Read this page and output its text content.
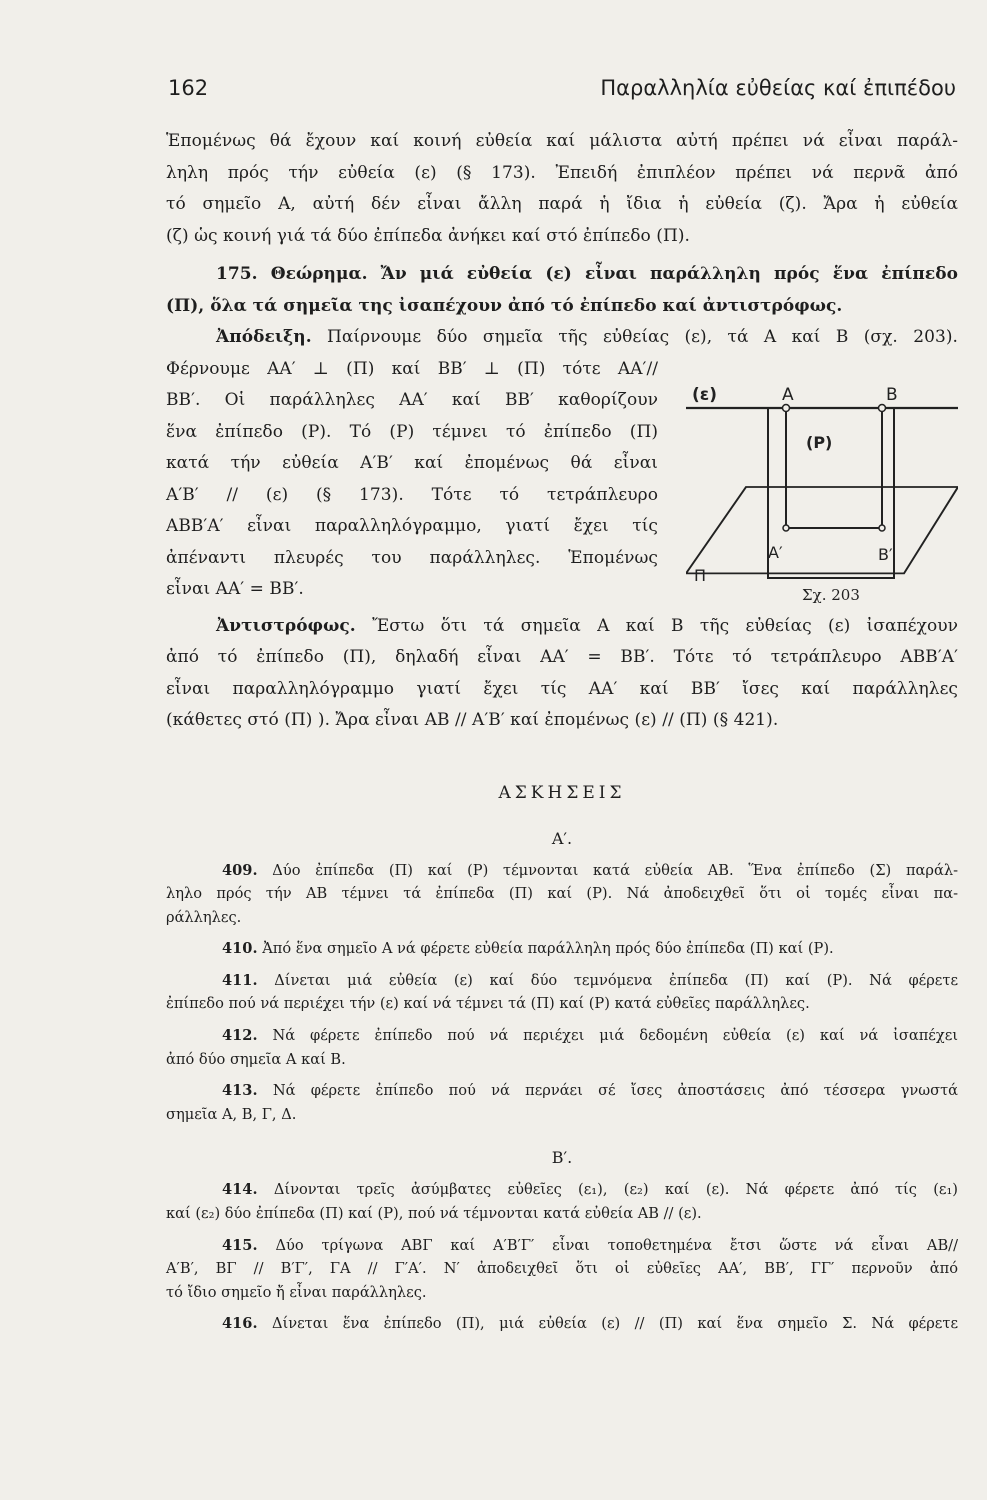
162	Παραλληλία εὐθείας καί ἐπιπέδου

Ἑπομένως θά ἔχουν καί κοινή εὐθεία καί μάλιστα αὐτή πρέπει νά εἶναι παράλ-
ληλη πρός τήν εὐθεία (ε) (§ 173). Ἐπειδή ἐπιπλέον πρέπει νά περνᾶ ἀπό
τό σημεῖο Α, αὐτή δέν εἶναι ἄλλη παρά ἡ ἴδια ἡ εὐθεία (ζ). Ἄρα ἡ εὐθεία
(ζ) ὡς κοινή γιά τά δύο ἐπίπεδα ἀνήκει καί στό ἐπίπεδο (Π).

175. Θεώρημα. Ἄν μιά εὐθεία (ε) εἶναι παράλληλη πρός ἕνα ἐπίπεδο
(Π), ὅλα τά σημεῖα της ἰσαπέχουν ἀπό τό ἐπίπεδο καί ἀντιστρόφως.

Ἀπόδειξη. Παίρνουμε δύο σημεῖα τῆς εὐθείας (ε), τά Α καί Β (σχ. 203).

Φέρνουμε ΑΑ′ ⊥ (Π) καί ΒΒ′ ⊥ (Π) τότε ΑΑ′//
ΒΒ′. Οἱ παράλληλες ΑΑ′ καί ΒΒ′ καθορίζουν
ἕνα ἐπίπεδο (Ρ). Τό (Ρ) τέμνει τό ἐπίπεδο (Π)
κατά τήν εὐθεία Α′Β′ καί ἐπομένως θά εἶναι
Α′Β′ // (ε) (§ 173). Τότε τό τετράπλευρο
ΑΒΒ′Α′ εἶναι παραλληλόγραμμο, γιατί ἔχει τίς
ἀπέναντι πλευρές του παράλληλες. Ἑπομένως
εἶναι ΑΑ′ = ΒΒ′.

(ε)	A	B
(P)
A′	B′
Π
Σχ. 203

Ἀντιστρόφως. Ἔστω ὅτι τά σημεῖα Α καί Β τῆς εὐθείας (ε) ἰσαπέχουν
ἀπό τό ἐπίπεδο (Π), δηλαδή εἶναι ΑΑ′ = ΒΒ′. Τότε τό τετράπλευρο ΑΒΒ′Α′
εἶναι παραλληλόγραμμο γιατί ἔχει τίς ΑΑ′ καί ΒΒ′ ἴσες καί παράλληλες
(κάθετες στό (Π) ). Ἄρα εἶναι ΑΒ // Α′Β′ καί ἐπομένως (ε) // (Π) (§ 421).

ΑΣΚΗΣΕΙΣ
Α′.
409. Δύο ἐπίπεδα (Π) καί (Ρ) τέμνονται κατά εὐθεία ΑΒ. Ἕνα ἐπίπεδο (Σ) παράλ-
ληλο πρός τήν ΑΒ τέμνει τά ἐπίπεδα (Π) καί (Ρ). Νά ἀποδειχθεῖ ὅτι οἱ τομές εἶναι πα-
ράλληλες.
410. Ἀπό ἕνα σημεῖο Α νά φέρετε εὐθεία παράλληλη πρός δύο ἐπίπεδα (Π) καί (Ρ).
411. Δίνεται μιά εὐθεία (ε) καί δύο τεμνόμενα ἐπίπεδα (Π) καί (Ρ). Νά φέρετε
ἐπίπεδο πού νά περιέχει τήν (ε) καί νά τέμνει τά (Π) καί (Ρ) κατά εὐθεῖες παράλληλες.
412. Νά φέρετε ἐπίπεδο πού νά περιέχει μιά δεδομένη εὐθεία (ε) καί νά ἰσαπέχει
ἀπό δύο σημεῖα Α καί Β.
413. Νά φέρετε ἐπίπεδο πού νά περνάει σέ ἴσες ἀποστάσεις ἀπό τέσσερα γνωστά
σημεῖα Α, Β, Γ, Δ.
Β′.
414. Δίνονται τρεῖς ἀσύμβατες εὐθεῖες (ε₁), (ε₂) καί (ε). Νά φέρετε ἀπό τίς (ε₁)
καί (ε₂) δύο ἐπίπεδα (Π) καί (Ρ), πού νά τέμνονται κατά εὐθεία ΑΒ // (ε).
415. Δύο τρίγωνα ΑΒΓ καί Α′Β′Γ′ εἶναι τοποθετημένα ἔτσι ὥστε νά εἶναι ΑΒ//
Α′Β′, ΒΓ // Β′Γ′, ΓΑ // Γ′Α′. Ν′ ἀποδειχθεῖ ὅτι οἱ εὐθεῖες ΑΑ′, ΒΒ′, ΓΓ′ περνοῦν ἀπό
τό ἴδιο σημεῖο ἤ εἶναι παράλληλες.
416. Δίνεται ἕνα ἐπίπεδο (Π), μιά εὐθεία (ε) // (Π) καί ἕνα σημεῖο Σ. Νά φέρετε
